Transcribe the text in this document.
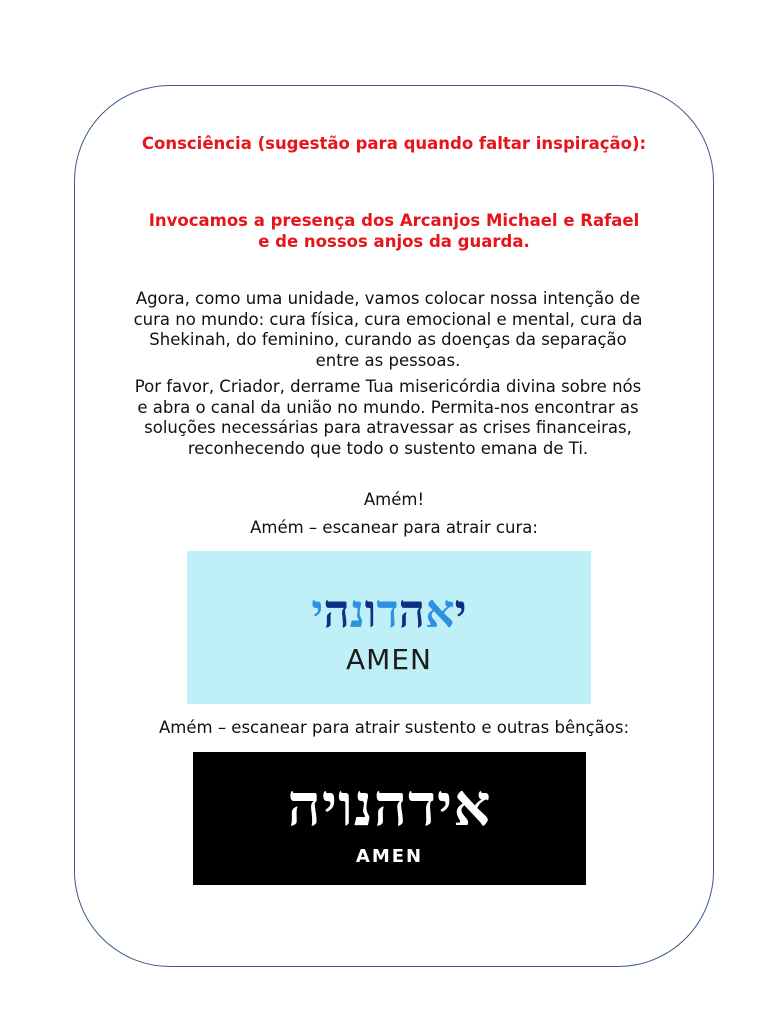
Consciência (sugestão para quando faltar inspiração):

Invocamos a presença dos Arcanjos Michael e Rafael e de nossos anjos da guarda.

Agora, como uma unidade, vamos colocar nossa intenção de cura no mundo: cura física, cura emocional e mental, cura da Shekinah, do feminino, curando as doenças da separação entre as pessoas.

Por favor, Criador, derrame Tua misericórdia divina sobre nós e abra o canal da união no mundo. Permita-nos encontrar as soluções necessárias para atravessar as crises financeiras, reconhecendo que todo o sustento emana de Ti.

Amém!

Amém – escanear para atrair cura:

יאהדונהי
AMEN

Amém – escanear para atrair sustento e outras bênçãos:

אידהנויה
AMEN
